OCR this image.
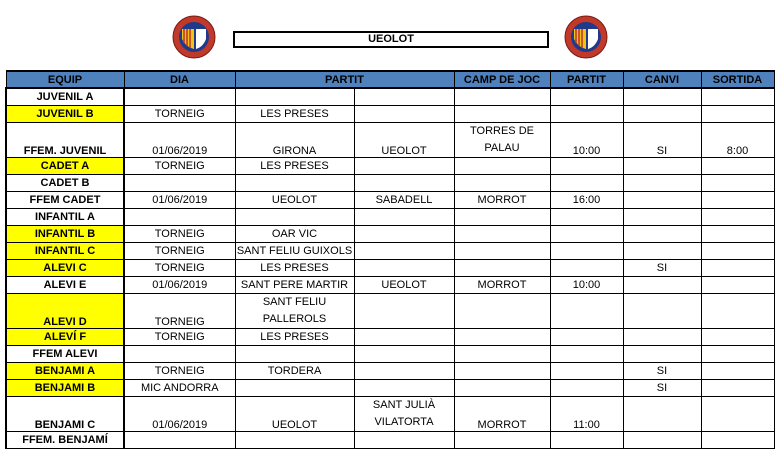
UEOLOT
EQUIP	DIA	PARTIT		CAMP DE JOC	PARTIT	CANVI	SORTIDA
JUVENIL A							
JUVENIL B	TORNEIG	LES PRESES					
FFEM. JUVENIL	01/06/2019	GIRONA	UEOLOT	TORRES DE PALAU	10:00	SI	8:00
CADET A	TORNEIG	LES PRESES					
CADET B							
FFEM CADET	01/06/2019	UEOLOT	SABADELL	MORROT	16:00		
INFANTIL A							
INFANTIL B	TORNEIG	OAR VIC					
INFANTIL C	TORNEIG	SANT FELIU GUIXOLS					
ALEVI C	TORNEIG	LES PRESES				SI	
ALEVI E	01/06/2019	SANT PERE MARTIR	UEOLOT	MORROT	10:00		
ALEVI D	TORNEIG	SANT FELIU PALLEROLS					
ALEVÍ F	TORNEIG	LES PRESES					
FFEM ALEVI							
BENJAMI A	TORNEIG	TORDERA				SI	
BENJAMI B	MIC ANDORRA					SI	
BENJAMI C	01/06/2019	UEOLOT	SANT JULIÀ VILATORTA	MORROT	11:00		
FFEM. BENJAMÍ							
